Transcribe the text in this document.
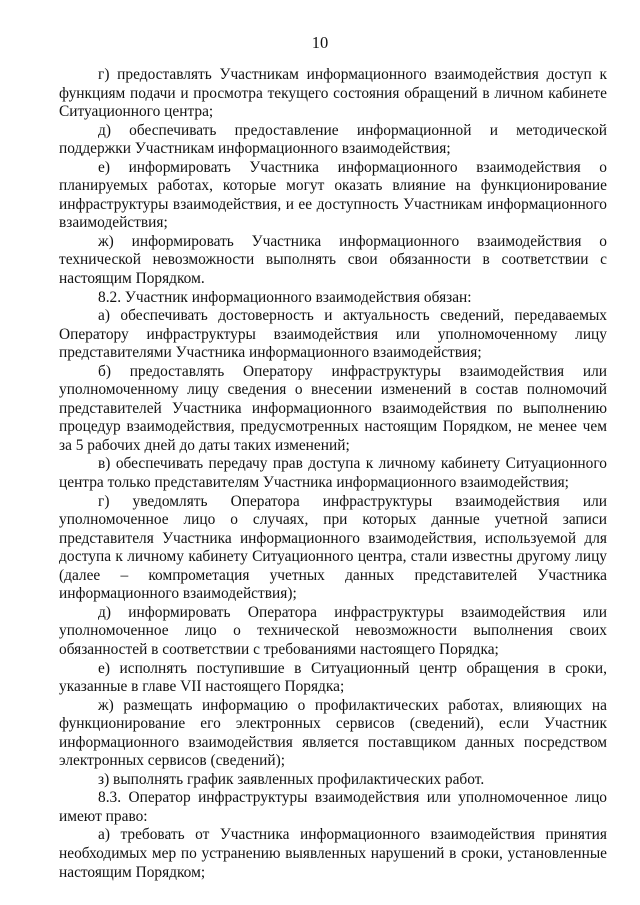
10

г) предоставлять Участникам информационного взаимодействия доступ к функциям подачи и просмотра текущего состояния обращений в личном кабинете Ситуационного центра;

д) обеспечивать предоставление информационной и методической поддержки Участникам информационного взаимодействия;

е) информировать Участника информационного взаимодействия о планируемых работах, которые могут оказать влияние на функционирование инфраструктуры взаимодействия, и ее доступность Участникам информационного взаимодействия;

ж) информировать Участника информационного взаимодействия о технической невозможности выполнять свои обязанности в соответствии с настоящим Порядком.

8.2. Участник информационного взаимодействия обязан:

а) обеспечивать достоверность и актуальность сведений, передаваемых Оператору инфраструктуры взаимодействия или уполномоченному лицу представителями Участника информационного взаимодействия;

б) предоставлять Оператору инфраструктуры взаимодействия или уполномоченному лицу сведения о внесении изменений в состав полномочий представителей Участника информационного взаимодействия по выполнению процедур взаимодействия, предусмотренных настоящим Порядком, не менее чем за 5 рабочих дней до даты таких изменений;

в) обеспечивать передачу прав доступа к личному кабинету Ситуационного центра только представителям Участника информационного взаимодействия;

г) уведомлять Оператора инфраструктуры взаимодействия или уполномоченное лицо о случаях, при которых данные учетной записи представителя Участника информационного взаимодействия, используемой для доступа к личному кабинету Ситуационного центра, стали известны другому лицу (далее – компрометация учетных данных представителей Участника информационного взаимодействия);

д) информировать Оператора инфраструктуры взаимодействия или уполномоченное лицо о технической невозможности выполнения своих обязанностей в соответствии с требованиями настоящего Порядка;

е) исполнять поступившие в Ситуационный центр обращения в сроки, указанные в главе VII настоящего Порядка;

ж) размещать информацию о профилактических работах, влияющих на функционирование его электронных сервисов (сведений), если Участник информационного взаимодействия является поставщиком данных посредством электронных сервисов (сведений);

з) выполнять график заявленных профилактических работ.

8.3. Оператор инфраструктуры взаимодействия или уполномоченное лицо имеют право:

а) требовать от Участника информационного взаимодействия принятия необходимых мер по устранению выявленных нарушений в сроки, установленные настоящим Порядком;
